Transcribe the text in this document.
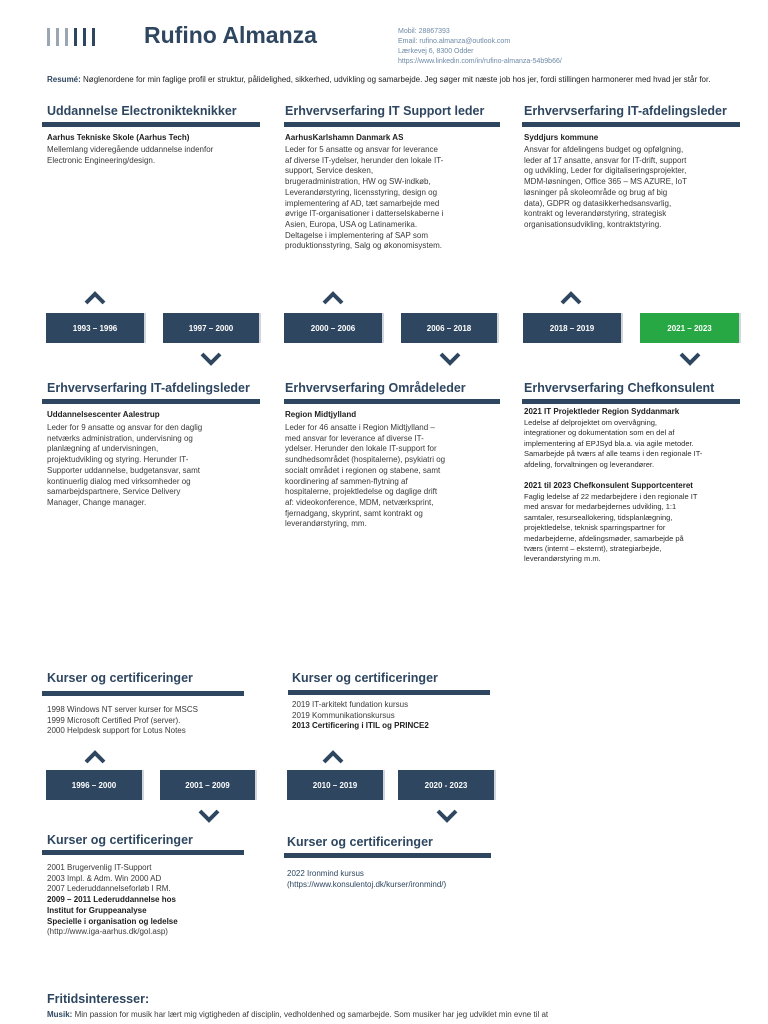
Rufino Almanza	Mobil: 28867393
Email: rufino.almanza@outlook.com
Lærkevej 6, 8300 Odder
https://www.linkedin.com/in/rufino-almanza-54b9b66/
Resumé: Nøglenordene for min faglige profil er struktur, pålidelighed, sikkerhed, udvikling og samarbejde. Jeg søger mit næste job hos jer, fordi stillingen harmonerer med hvad jer står for.
Uddannelse Electronikteknikker
Aarhus Tekniske Skole (Aarhus Tech)
Mellemlang videregående uddannelse indenfor
Electronic Engineering/design.
Erhvervserfaring IT Support leder
AarhusKarlshamn Danmark AS
Leder for 5 ansatte og ansvar for leverance
af diverse IT-ydelser, herunder den lokale IT-
support, Service desken,
brugeradministration, HW og SW-indkøb,
Leverandørstyring, licensstyring, design og
implementering af AD, tæt samarbejde med
øvrige IT-organisationer i datterselskaberne i
Asien, Europa, USA og Latinamerika.
Deltagelse i implementering af SAP som
produktionsstyring, Salg og økonomisystem.
Erhvervserfaring IT-afdelingsleder
Syddjurs kommune
Ansvar for afdelingens budget og opfølgning,
leder af 17 ansatte, ansvar for IT-drift, support
og udvikling, Leder for digitaliseringsprojekter,
MDM-løsningen, Office 365 – MS AZURE, IoT
løsninger på skoleområde og brug af big
data), GDPR og datasikkerhedsansvarlig,
kontrakt og leverandørstyring, strategisk
organisationsudvikling, kontraktstyring.
1993 – 1996	1997 – 2000	2000 – 2006	2006 – 2018	2018 – 2019	2021 – 2023
Erhvervserfaring IT-afdelingsleder
Uddannelsescenter Aalestrup
Leder for 9 ansatte og ansvar for den daglig
netværks administration, undervisning og
planlægning af undervisningen,
projektudvikling og styring. Herunder IT-
Supporter uddannelse, budgetansvar, samt
kontinuerlig dialog med virksomheder og
samarbejdspartnere, Service Delivery
Manager, Change manager.
Erhvervserfaring Områdeleder
Region Midtjylland
Leder for 46 ansatte i Region Midtjylland –
med ansvar for leverance af diverse IT-
ydelser. Herunder den lokale IT-support for
sundhedsområdet (hospitalerne), psykiatri og
socialt området i regionen og stabene, samt
koordinering af sammen-flytning af
hospitalerne, projektledelse og daglige drift
af: videokonference, MDM, netværksprint,
fjernadgang, skyprint, samt kontrakt og
leverandørstyring, mm.
Erhvervserfaring Chefkonsulent
2021 IT Projektleder Region Syddanmark
Ledelse af delprojektet om overvågning,
integrationer og dokumentation som en del af
implementering af EPJSyd bla.a. via agile metoder.
Samarbejde på tværs af alle teams i den regionale IT-
afdeling, forvaltningen og leverandører.
2021 til 2023 Chefkonsulent Supportcenteret
Faglig ledelse af 22 medarbejdere i den regionale IT
med ansvar for medarbejdernes udvikling, 1:1
samtaler, resurseallokering, tidsplanlægning,
projektledelse, teknisk sparringspartner for
medarbejderne, afdelingsmøder, samarbejde på
tværs (internt – eksternt), strategiarbejde,
leverandørstyring m.m.
Kurser og certificeringer
1998 Windows NT server kurser for MSCS
1999 Microsoft Certified Prof (server).
2000 Helpdesk support for Lotus Notes
Kurser og certificeringer
2019 IT-arkitekt fundation kursus
2019 Kommunikationskursus
2013 Certificering i ITIL og PRINCE2
1996 – 2000	2001 – 2009	2010 – 2019	2020 - 2023
Kurser og certificeringer
2001 Brugervenlig IT-Support
2003 Impl. & Adm. Win 2000 AD
2007 Lederuddannelseforløb I RM.
2009 – 2011 Lederuddannelse hos
Institut for Gruppeanalyse
Specielle i organisation og ledelse
(http://www.iga-aarhus.dk/gol.asp)
Kurser og certificeringer
2022 Ironmind kursus
(https://www.konsulentoj.dk/kurser/ironmind/)
Fritidsinteresser:
Musik: Min passion for musik har lært mig vigtigheden af disciplin, vedholdenhed og samarbejde. Som musiker har jeg udviklet min evne til at
